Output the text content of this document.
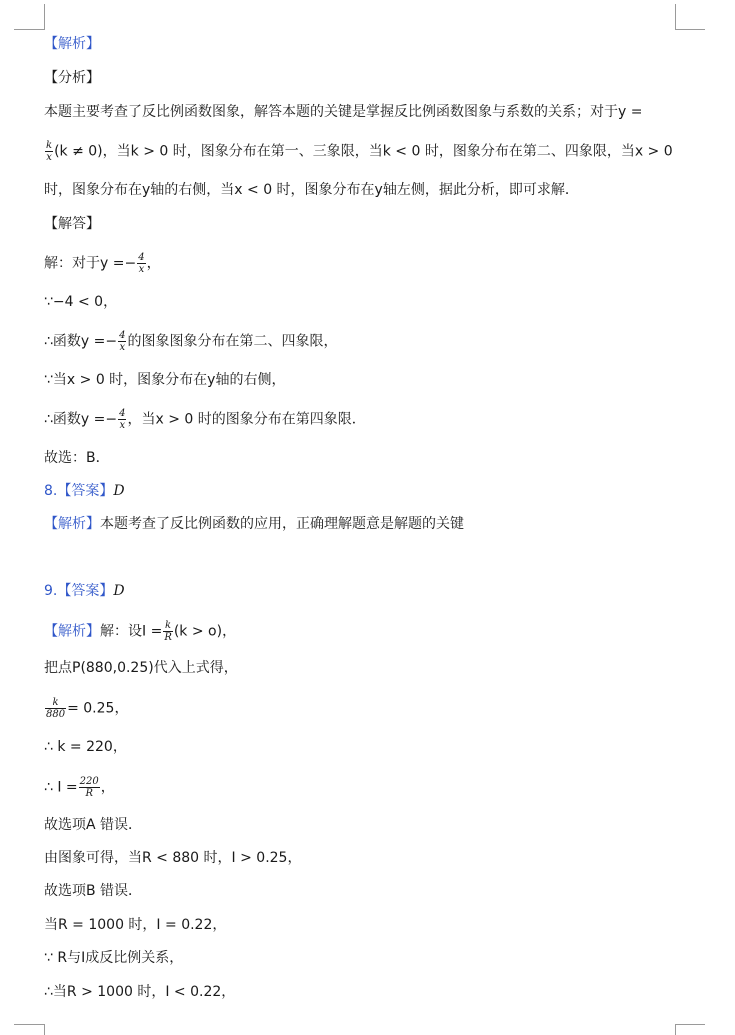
【解析】
【分析】
本题主要考查了反比例函数图象，解答本题的关键是掌握反比例函数图象与系数的关系；对于y =
$\frac{k}{x} (k \ne 0)$，当k > 0 时，图象分布在第一、三象限，当k < 0 时，图象分布在第二、四象限，当x > 0
时，图象分布在y轴的右侧，当x < 0 时，图象分布在y轴左侧，据此分析，即可求解．
【解答】
解：对于$y =- \frac{4}{x}$ ，
∵−4 < 0，
∴函数$y =- \frac{4}{x}$ 的图象图象分布在第二、四象限，
∵当x > 0 时，图象分布在y轴的右侧，
∴函数$y =- \frac{4}{x}$ ，当x > 0 时的图象分布在第四象限．
故选：B．
8.【答案】D
【解析】本题考查了反比例函数的应用，正确理解题意是解题的关键
9.【答案】D
【解析】解：设$I = \frac{k}{R} (k > o)$，
把点P(880,0.25)代入上式得，
$\frac{k}{880} = 0.25$，
∴ k = 220，
∴ $I = \frac{220}{R}$ ，
故选项A 错误．
由图象可得，当R < 880 时，I > 0.25，
故选项B 错误．
当R = 1000 时，I = 0.22，
∵ R与I成反比例关系，
∴当R > 1000 时，I < 0.22，
